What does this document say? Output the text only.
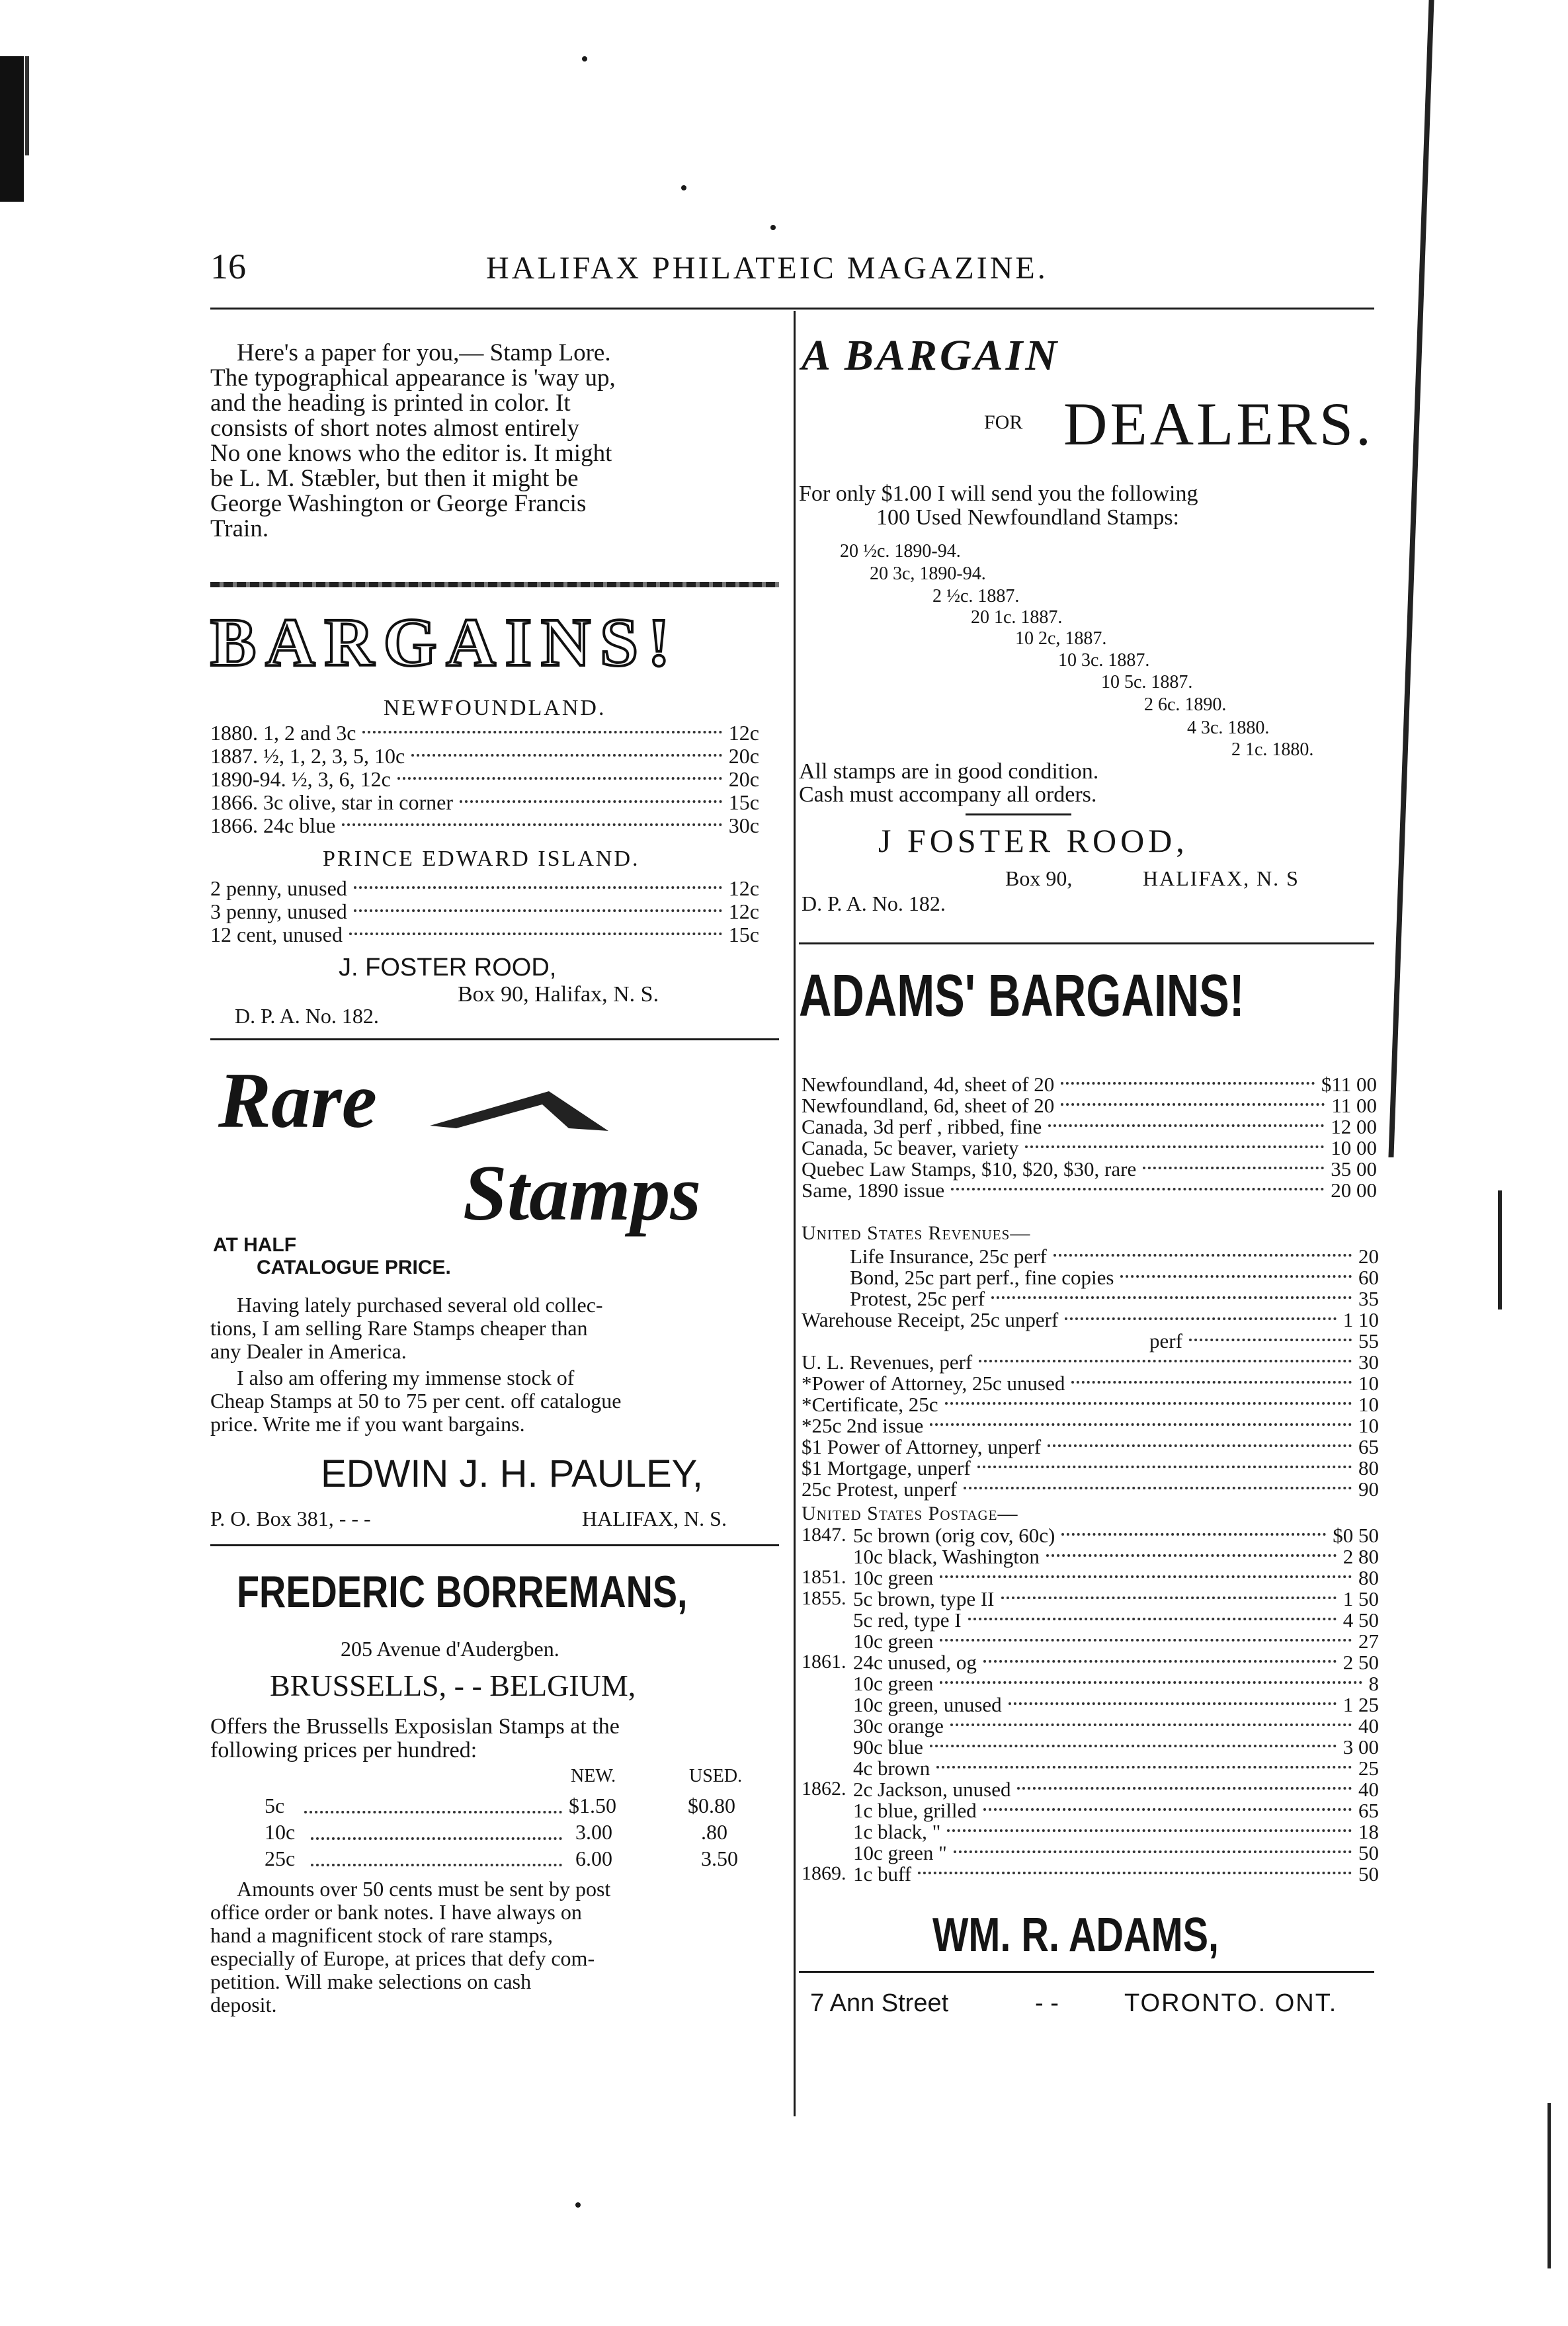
16	HALIFAX PHILATEIC MAGAZINE.
Here's a paper for you,— Stamp Lore.
The typographical appearance is 'way up,
and the heading is printed in color. It
consists of short notes almost entirely
No one knows who the editor is. It might
be L. M. Stæbler, but then it might be
George Washington or George Francis
Train.
BARGAINS!
NEWFOUNDLAND.
1880. 1, 2 and 3c	12c
1887. ½, 1, 2, 3, 5, 10c	20c
1890-94. ½, 3, 6, 12c	20c
1866. 3c olive, star in corner	15c
1866. 24c blue	30c
PRINCE EDWARD ISLAND.
2 penny, unused	12c
3 penny, unused	12c
12 cent, unused	15c
J. FOSTER ROOD,
Box 90, Halifax, N. S.
D. P. A. No. 182.
Rare
Stamps
AT HALF
CATALOGUE PRICE.
Having lately purchased several old collec-
tions, I am selling Rare Stamps cheaper than
any Dealer in America.
I also am offering my immense stock of
Cheap Stamps at 50 to 75 per cent. off catalogue
price. Write me if you want bargains.
EDWIN J. H. PAULEY,
P. O. Box 381, - - -	HALIFAX, N. S.
FREDERIC BORREMANS,
205 Avenue d'Audergben.
BRUSSELLS, - - BELGIUM,
Offers the Brussells Exposislan Stamps at the
following prices per hundred:
NEW.	USED.
5c	$1.50	$0.80
10c	3.00	.80
25c	6.00	3.50
Amounts over 50 cents must be sent by post
office order or bank notes. I have always on
hand a magnificent stock of rare stamps,
especially of Europe, at prices that defy com-
petition. Will make selections on cash
deposit.
A BARGAIN
FOR DEALERS.
For only $1.00 I will send you the following
100 Used Newfoundland Stamps:
20 ½c. 1890-94.
20 3c, 1890-94.
2 ½c. 1887.
20 1c. 1887.
10 2c, 1887.
10 3c. 1887.
10 5c. 1887.
2 6c. 1890.
4 3c. 1880.
2 1c. 1880.
All stamps are in good condition.
Cash must accompany all orders.
J FOSTER ROOD,
Box 90,	HALIFAX, N. S
D. P. A. No. 182.
ADAMS' BARGAINS!
Newfoundland, 4d, sheet of 20	$11 00
Newfoundland, 6d, sheet of 20	11 00
Canada, 3d perf , ribbed, fine	12 00
Canada, 5c beaver, variety	10 00
Quebec Law Stamps, $10, $20, $30, rare	35 00
Same, 1890 issue	20 00
United States Revenues—
Life Insurance, 25c perf	20
Bond, 25c part perf., fine copies	60
Protest, 25c perf	35
Warehouse Receipt, 25c unperf	1 10
perf	55
U. L. Revenues, perf	30
*Power of Attorney, 25c unused	10
*Certificate, 25c	10
*25c 2nd issue	10
$1 Power of Attorney, unperf	65
$1 Mortgage, unperf	80
25c Protest, unperf	90
United States Postage—
1847. 5c brown (orig cov, 60c)	$0 50
10c black, Washington	2 80
1851. 10c green	80
1855. 5c brown, type II	1 50
5c red, type I	4 50
10c green	27
1861. 24c unused, og	2 50
10c green	8
10c green, unused	1 25
30c orange	40
90c blue	3 00
4c brown	25
1862. 2c Jackson, unused	40
1c blue, grilled	65
1c black, "	18
10c green "	50
1869. 1c buff	50
WM. R. ADAMS,
7 Ann Street	- -	TORONTO. ONT.
